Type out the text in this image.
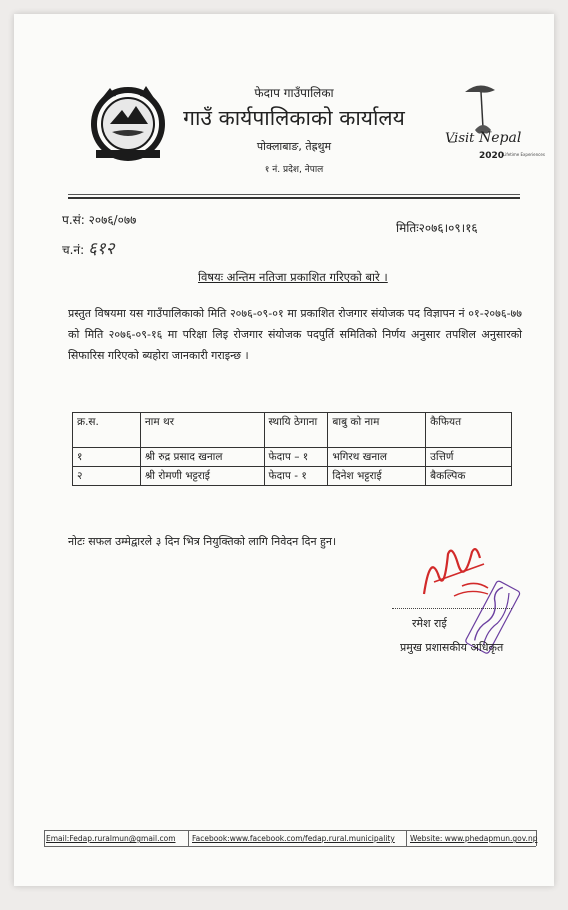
Visit Nepal
2020
Lifetime Experiences
फेदाप गाउँपालिका
गाउँ कार्यपालिकाको कार्यालय
पोक्लाबाङ, तेह्रथुम
१ नं. प्रदेश, नेपाल
प.सं: २०७६/०७७
च.नं: ६१२
मितिः२०७६।०९।१६
विषयः अन्तिम नतिजा प्रकाशित गरिएको बारे ।
प्रस्तुत विषयमा यस गाउँपालिकाको मिति २०७६-०९-०१ मा प्रकाशित रोजगार संयोजक पद विज्ञापन नं ०१-२०७६-७७ को मिति २०७६-०९-१६ मा परिक्षा लिइ रोजगार संयोजक पदपुर्ति समितिको निर्णय अनुसार तपशिल अनुसारको सिफारिस गरिएको ब्यहोरा जानकारी गराइन्छ ।
क्र.स.	नाम थर	स्थायि ठेगाना	बाबु को नाम	कैफियत
१	श्री रुद्र प्रसाद खनाल	फेदाप – १	भगिरथ खनाल	उत्तिर्ण
२	श्री रोमणी भट्टराई	फेदाप - १	दिनेश भट्टराई	बैकल्पिक
नोटः सफल उम्मेद्वारले ३ दिन भित्र नियुक्तिको लागि निवेदन दिन हुन।
रमेश राई
प्रमुख प्रशासकीय अधिकृत
Email:Fedap.ruralmun@gmail.com	Facebook:www.facebook.com/fedap.rural.municipality	Website: www.phedapmun.gov.np
